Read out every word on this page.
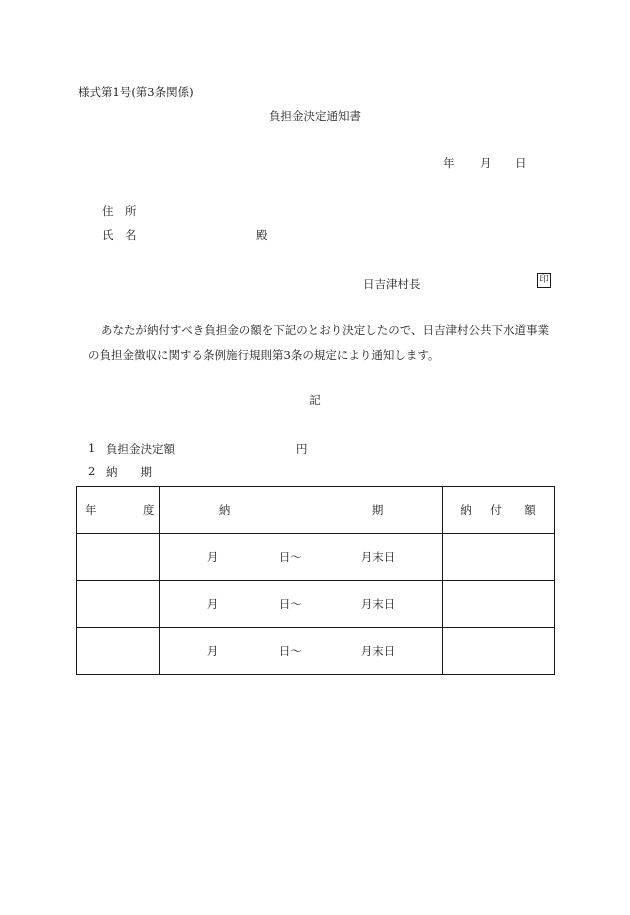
様式第1号(第3条関係)
負担金決定通知書
年 月 日
住　所
氏　名	殿
日吉津村長	印
あなたが納付すべき負担金の額を下記のとおり決定したので、日吉津村公共下水道事業の負担金徴収に関する条例施行規則第3条の規定により通知します。
記
1 負担金決定額	円
2 納　　期
年 度	納 期	納 付 額

	月 日〜 月末日	

	月 日〜 月末日	

	月 日〜 月末日	
